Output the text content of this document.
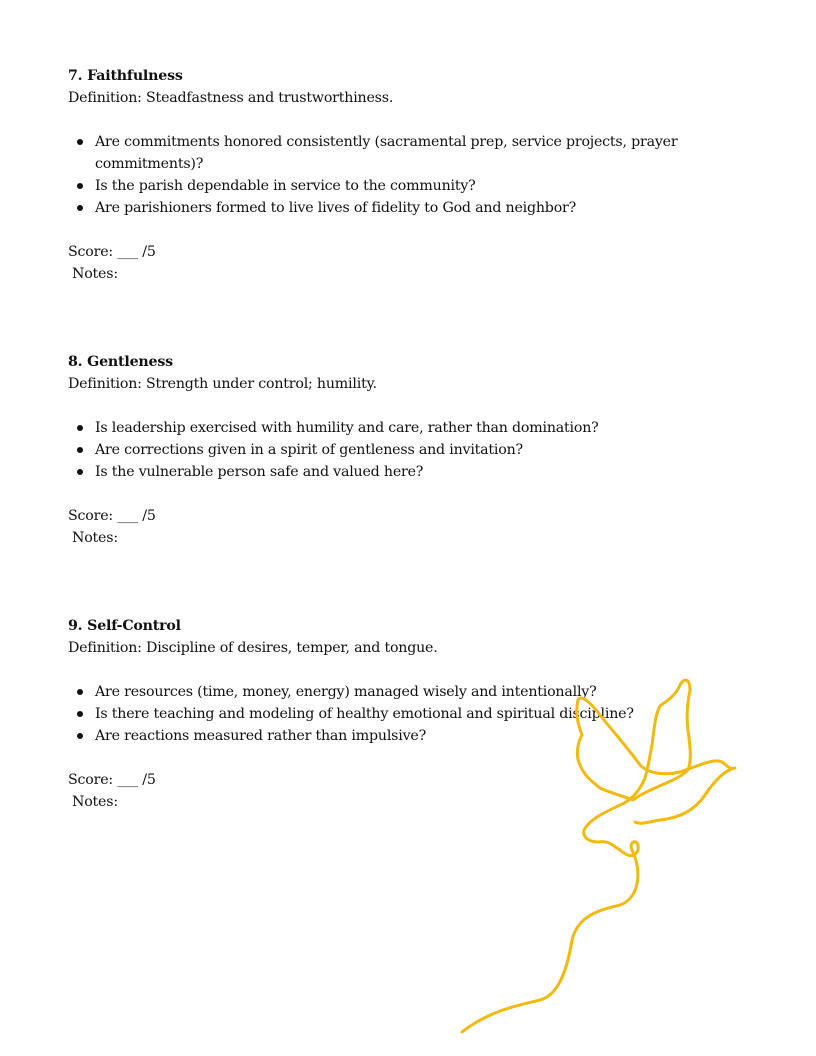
7. Faithfulness

Definition: Steadfastness and trustworthiness.

Are commitments honored consistently (sacramental prep, service projects, prayer commitments)?
Is the parish dependable in service to the community?
Are parishioners formed to live lives of fidelity to God and neighbor?

Score: ___ /5

Notes:

8. Gentleness

Definition: Strength under control; humility.

Is leadership exercised with humility and care, rather than domination?
Are corrections given in a spirit of gentleness and invitation?
Is the vulnerable person safe and valued here?

Score: ___ /5

Notes:

9. Self-Control

Definition: Discipline of desires, temper, and tongue.

Are resources (time, money, energy) managed wisely and intentionally?
Is there teaching and modeling of healthy emotional and spiritual discipline?
Are reactions measured rather than impulsive?

Score: ___ /5

Notes:
